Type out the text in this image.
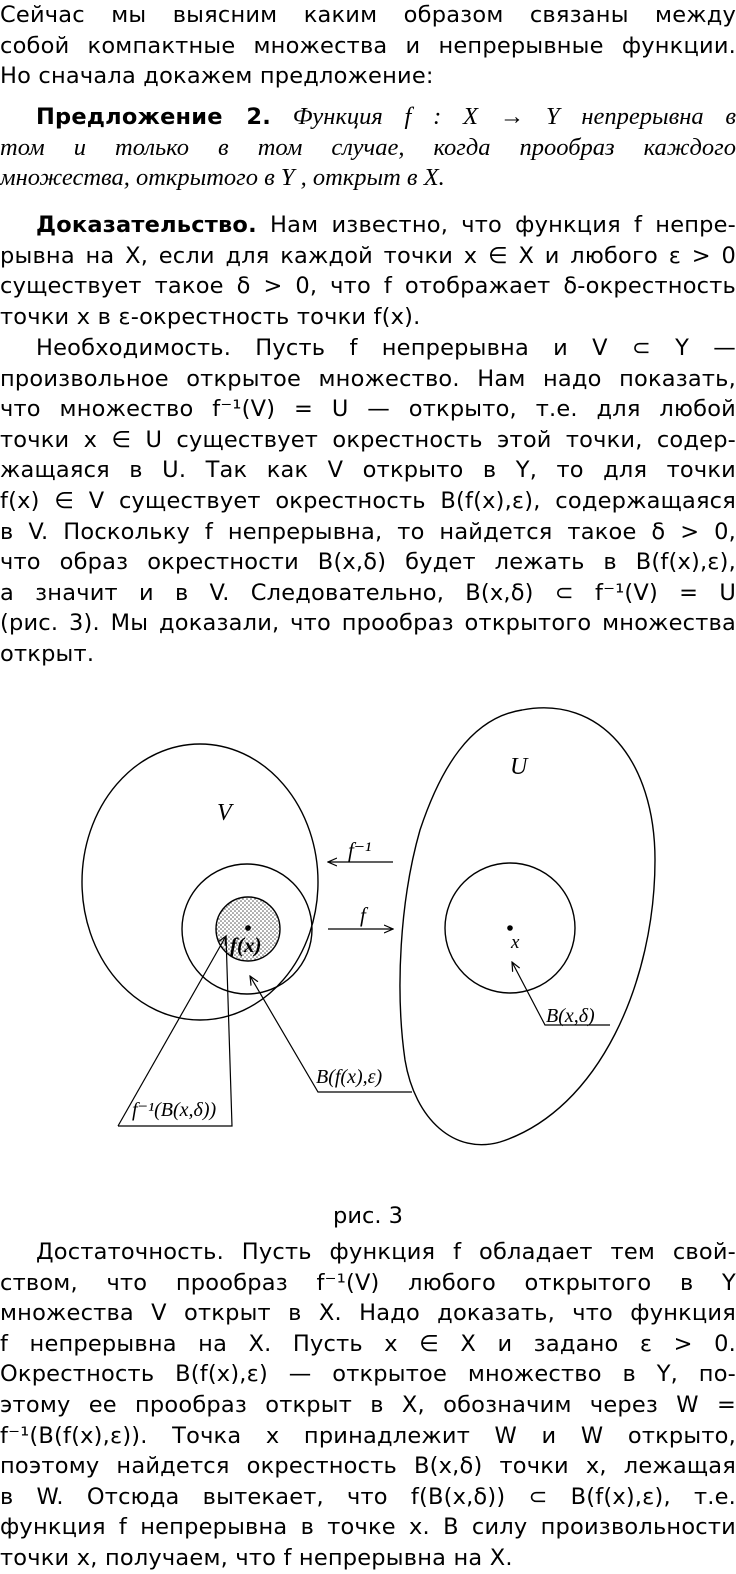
Сейчас мы выясним каким образом связаны между
собой компактные множества и непрерывные функции.
Но сначала докажем предложение:
Предложение 2. Функция f : X → Y непрерывна в
том и только в том случае, когда прообраз каждого
множества, открытого в Y , открыт в X.
Доказательство. Нам известно, что функция f непре-
рывна на X, если для каждой точки x ∈ X и любого ε > 0
существует такое δ > 0, что f отображает δ-окрестность
точки x в ε-окрестность точки f(x).
Необходимость. Пусть f непрерывна и V ⊂ Y —
произвольное открытое множество. Нам надо показать,
что множество f⁻¹(V) = U — открыто, т.е. для любой
точки x ∈ U существует окрестность этой точки, содер-
жащаяся в U. Так как V открыто в Y, то для точки
f(x) ∈ V существует окрестность B(f(x),ε), содержащаяся
в V. Поскольку f непрерывна, то найдется такое δ > 0,
что образ окрестности B(x,δ) будет лежать в B(f(x),ε),
а значит и в V. Следовательно, B(x,δ) ⊂ f⁻¹(V) = U
(рис. 3). Мы доказали, что прообраз открытого множества
открыт.
V
U
f⁻¹
f
f(x)	x
B(x,δ)
B(f(x),ε)
f⁻¹(B(x,δ))
рис. 3
Достаточность. Пусть функция f обладает тем свой-
ством, что прообраз f⁻¹(V) любого открытого в Y
множества V открыт в X. Надо доказать, что функция
f непрерывна на X. Пусть x ∈ X и задано ε > 0.
Окрестность B(f(x),ε) — открытое множество в Y, по-
этому ее прообраз открыт в X, обозначим через W =
f⁻¹(B(f(x),ε)). Точка x принадлежит W и W открыто,
поэтому найдется окрестность B(x,δ) точки x, лежащая
в W. Отсюда вытекает, что f(B(x,δ)) ⊂ B(f(x),ε), т.е.
функция f непрерывна в точке x. В силу произвольности
точки x, получаем, что f непрерывна на X.
